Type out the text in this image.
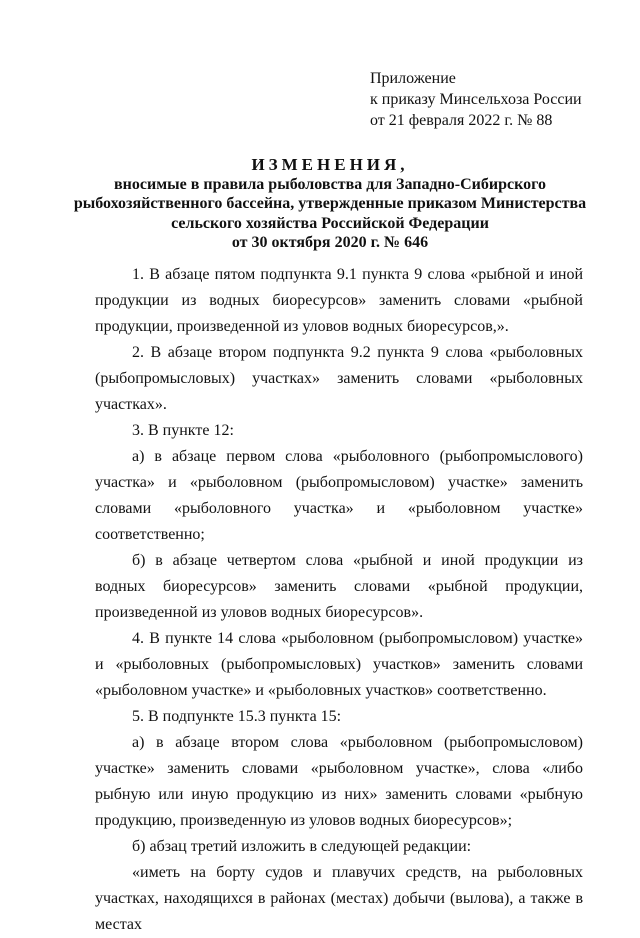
Приложение
к приказу Минсельхоза России
от 21 февраля 2022 г. № 88
ИЗМЕНЕНИЯ,
вносимые в правила рыболовства для Западно-Сибирского
рыбохозяйственного бассейна, утвержденные приказом Министерства
сельского хозяйства Российской Федерации
от 30 октября 2020 г. № 646

1. В абзаце пятом подпункта 9.1 пункта 9 слова «рыбной и иной продукции из водных биоресурсов» заменить словами «рыбной продукции, произведенной из уловов водных биоресурсов,».

2. В абзаце втором подпункта 9.2 пункта 9 слова «рыболовных (рыбопромысловых) участках» заменить словами «рыболовных участках».

3. В пункте 12:

а) в абзаце первом слова «рыболовного (рыбопромыслового) участка» и «рыболовном (рыбопромысловом) участке» заменить словами «рыболовного участка» и «рыболовном участке» соответственно;

б) в абзаце четвертом слова «рыбной и иной продукции из водных биоресурсов» заменить словами «рыбной продукции, произведенной из уловов водных биоресурсов».

4. В пункте 14 слова «рыболовном (рыбопромысловом) участке» и «рыболовных (рыбопромысловых) участков» заменить словами «рыболовном участке» и «рыболовных участков» соответственно.

5. В подпункте 15.3 пункта 15:

а) в абзаце втором слова «рыболовном (рыбопромысловом) участке» заменить словами «рыболовном участке», слова «либо рыбную или иную продукцию из них» заменить словами «рыбную продукцию, произведенную из уловов водных биоресурсов»;

б) абзац третий изложить в следующей редакции:

«иметь на борту судов и плавучих средств, на рыболовных участках, находящихся в районах (местах) добычи (вылова), а также в местах
